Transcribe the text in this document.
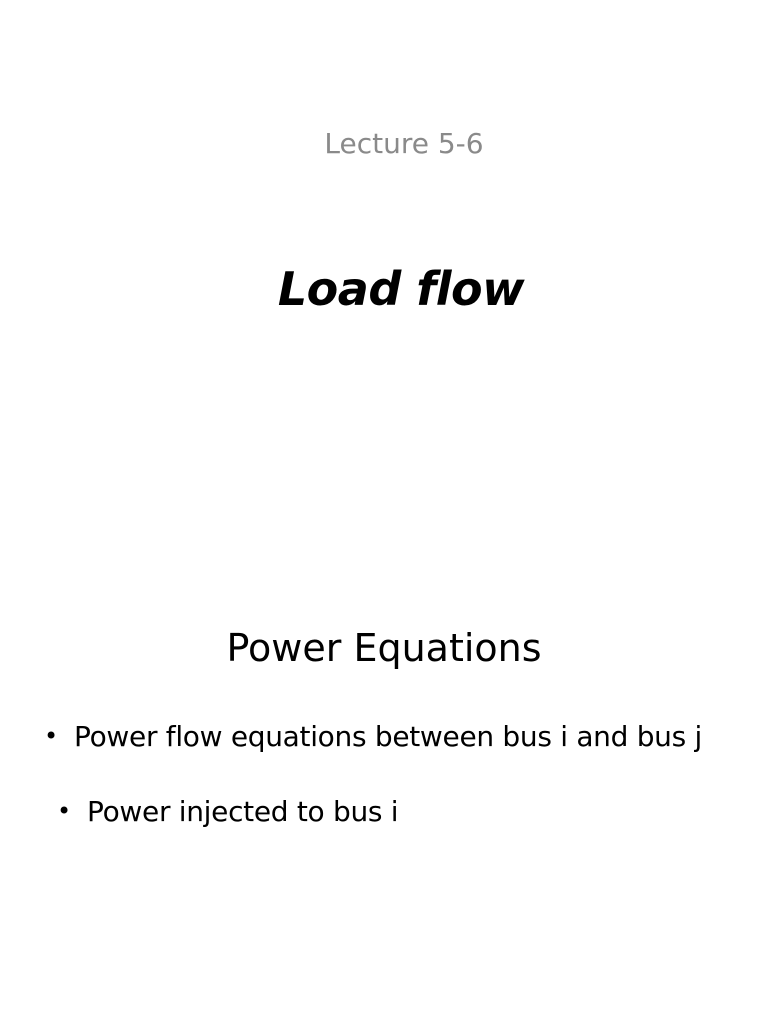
Lecture 5-6
Load flow
Power Equations
• Power flow equations between bus i and bus j
• Power injected to bus i
